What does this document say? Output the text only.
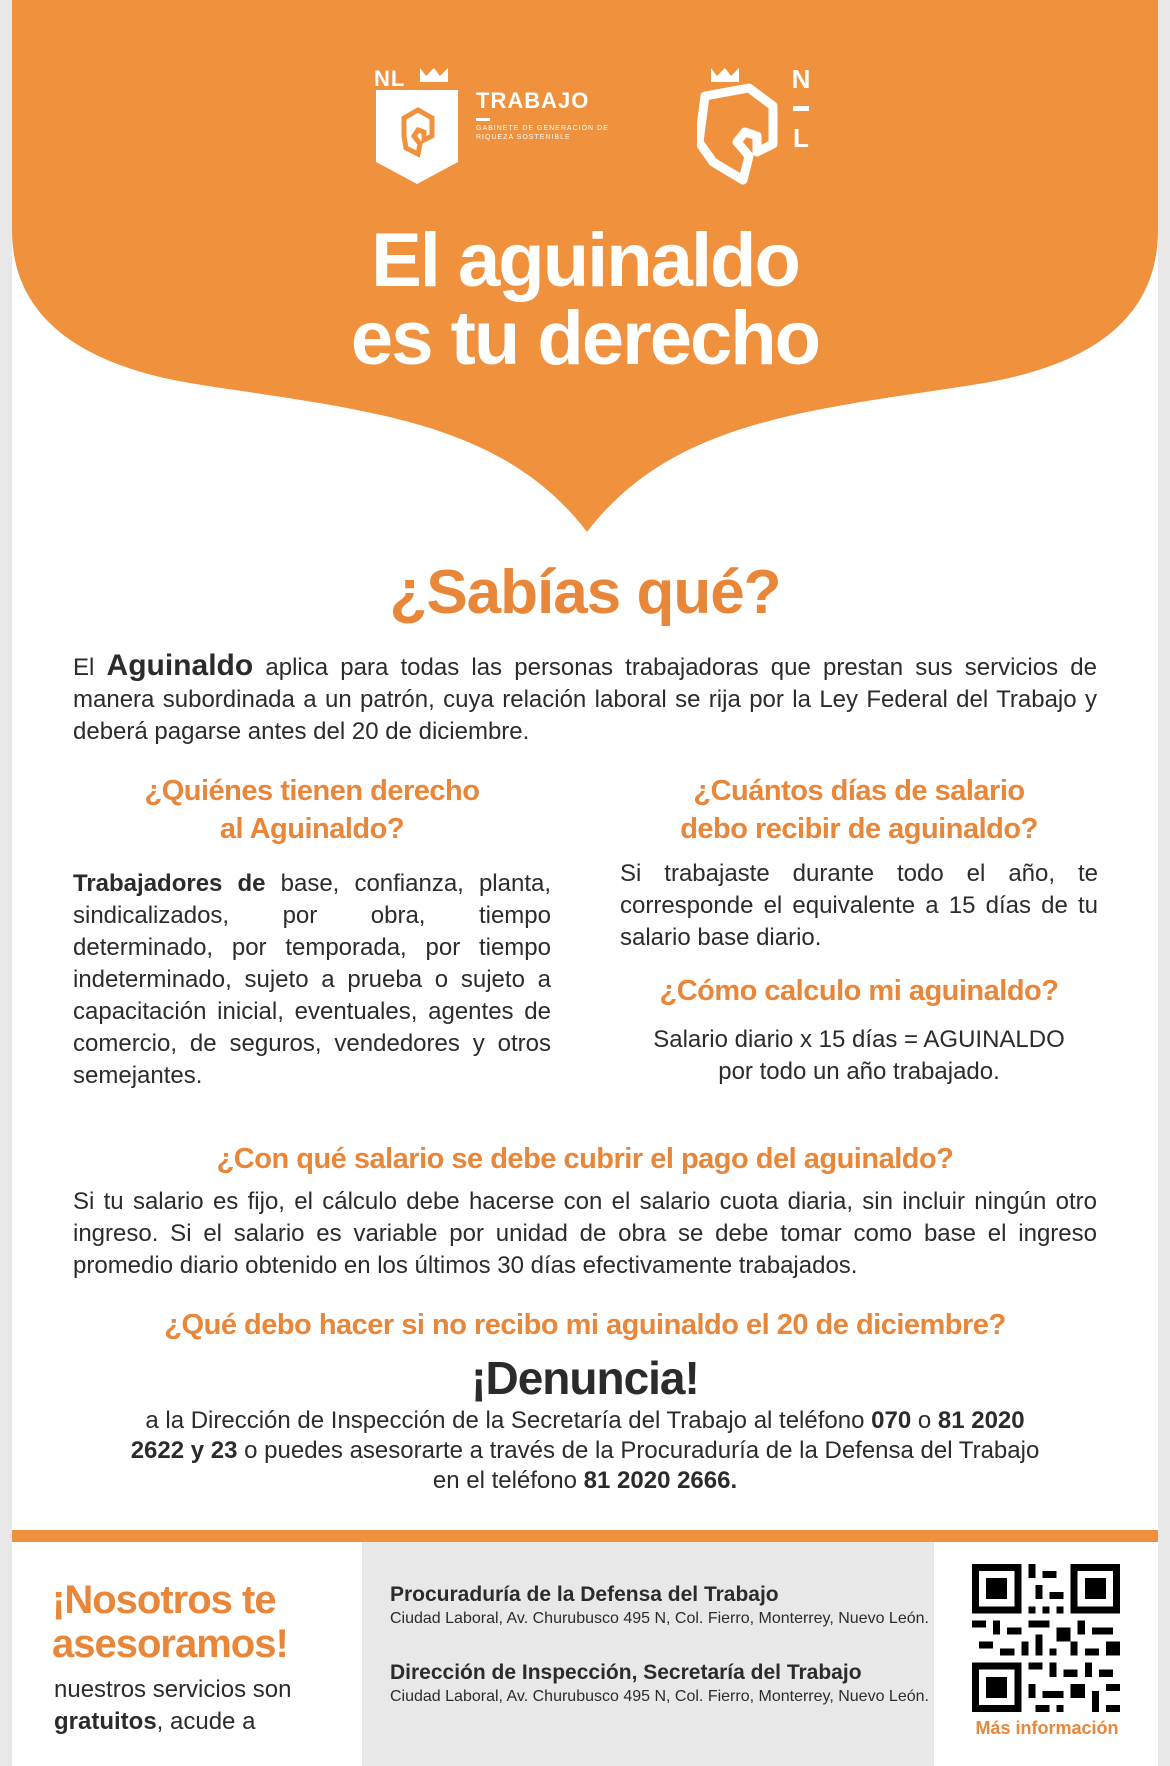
NL
TRABAJO
GABINETE DE GENERACIÓN DE RIQUEZA SOSTENIBLE
N
L
El aguinaldo
es tu derecho
¿Sabías qué?
El Aguinaldo aplica para todas las personas trabajadoras que prestan sus servicios de manera subordinada a un patrón, cuya relación laboral se rija por la Ley Federal del Trabajo y deberá pagarse antes del 20 de diciembre.
¿Quiénes tienen derecho
al Aguinaldo?
Trabajadores de base, confianza, planta, sindicalizados, por obra, tiempo determinado, por temporada, por tiempo indeterminado, sujeto a prueba o sujeto a capacitación inicial, eventuales, agentes de comercio, de seguros, vendedores y otros semejantes.
¿Cuántos días de salario
debo recibir de aguinaldo?
Si trabajaste durante todo el año, te corresponde el equivalente a 15 días de tu salario base diario.
¿Cómo calculo mi aguinaldo?
Salario diario x 15 días = AGUINALDO
por todo un año trabajado.
¿Con qué salario se debe cubrir el pago del aguinaldo?
Si tu salario es fijo, el cálculo debe hacerse con el salario cuota diaria, sin incluir ningún otro ingreso. Si el salario es variable por unidad de obra se debe tomar como base el ingreso promedio diario obtenido en los últimos 30 días efectivamente trabajados.
¿Qué debo hacer si no recibo mi aguinaldo el 20 de diciembre?
¡Denuncia!
a la Dirección de Inspección de la Secretaría del Trabajo al teléfono 070 o 81 2020 2622 y 23 o puedes asesorarte a través de la Procuraduría de la Defensa del Trabajo en el teléfono 81 2020 2666.
¡Nosotros te
asesoramos!
nuestros servicios son
gratuitos, acude a
Procuraduría de la Defensa del Trabajo
Ciudad Laboral, Av. Churubusco 495 N, Col. Fierro, Monterrey, Nuevo León.
Dirección de Inspección, Secretaría del Trabajo
Ciudad Laboral, Av. Churubusco 495 N, Col. Fierro, Monterrey, Nuevo León.
Más información
